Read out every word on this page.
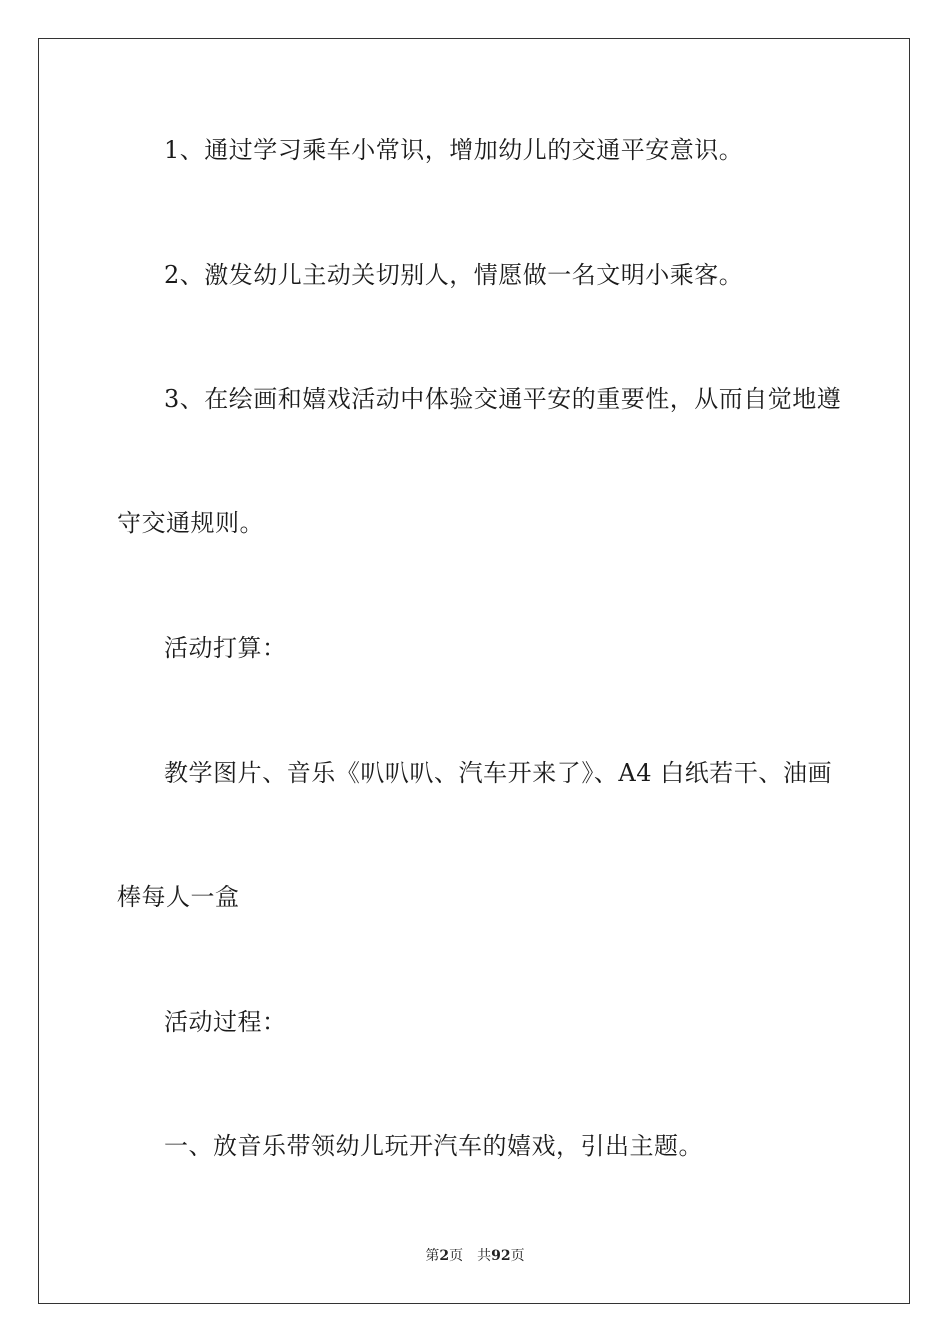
1、通过学习乘车小常识，增加幼儿的交通平安意识。
2、激发幼儿主动关切别人，情愿做一名文明小乘客。
3、在绘画和嬉戏活动中体验交通平安的重要性，从而自觉地遵
守交通规则。
活动打算：
教学图片、音乐《叭叭叭、汽车开来了》、A4 白纸若干、油画
棒每人一盒
活动过程：
一、放音乐带领幼儿玩开汽车的嬉戏，引出主题。
第2页 共92页
